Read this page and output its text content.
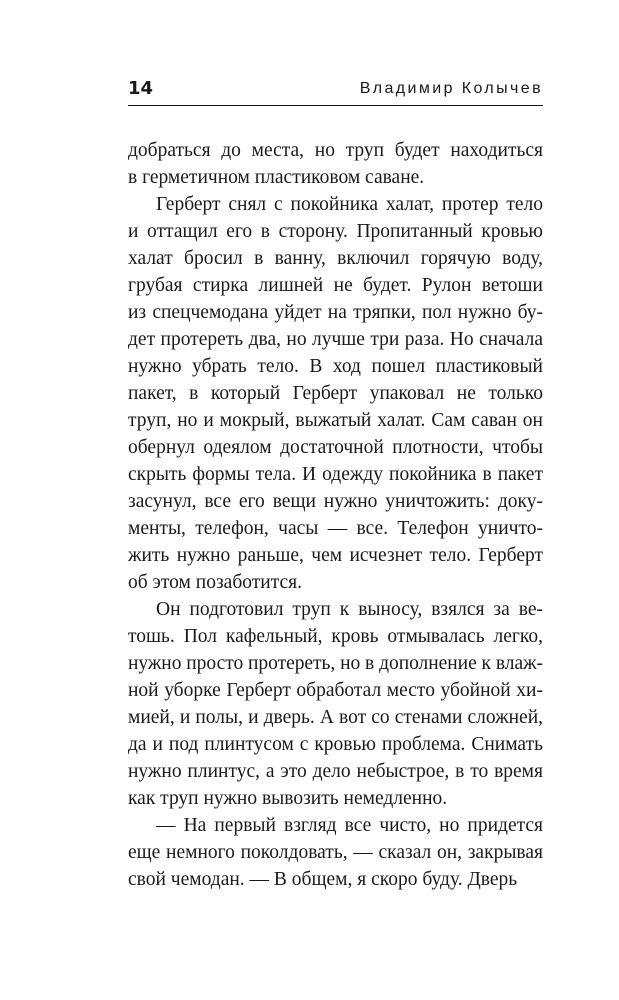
14	Владимир Колычев
добраться до места, но труп будет находиться
в герметичном пластиковом саване.
Герберт снял с покойника халат, протер тело
и оттащил его в сторону. Пропитанный кровью
халат бросил в ванну, включил горячую воду,
грубая стирка лишней не будет. Рулон ветоши
из спецчемодана уйдет на тряпки, пол нужно бу-
дет протереть два, но лучше три раза. Но сначала
нужно убрать тело. В ход пошел пластиковый
пакет, в который Герберт упаковал не только
труп, но и мокрый, выжатый халат. Сам саван он
обернул одеялом достаточной плотности, чтобы
скрыть формы тела. И одежду покойника в пакет
засунул, все его вещи нужно уничтожить: доку-
менты, телефон, часы — все. Телефон уничто-
жить нужно раньше, чем исчезнет тело. Герберт
об этом позаботится.
Он подготовил труп к выносу, взялся за ве-
тошь. Пол кафельный, кровь отмывалась легко,
нужно просто протереть, но в дополнение к влаж-
ной уборке Герберт обработал место убойной хи-
мией, и полы, и дверь. А вот со стенами сложней,
да и под плинтусом с кровью проблема. Снимать
нужно плинтус, а это дело небыстрое, в то время
как труп нужно вывозить немедленно.
— На первый взгляд все чисто, но придется
еще немного поколдовать, — сказал он, закрывая
свой чемодан. — В общем, я скоро буду. Дверь
